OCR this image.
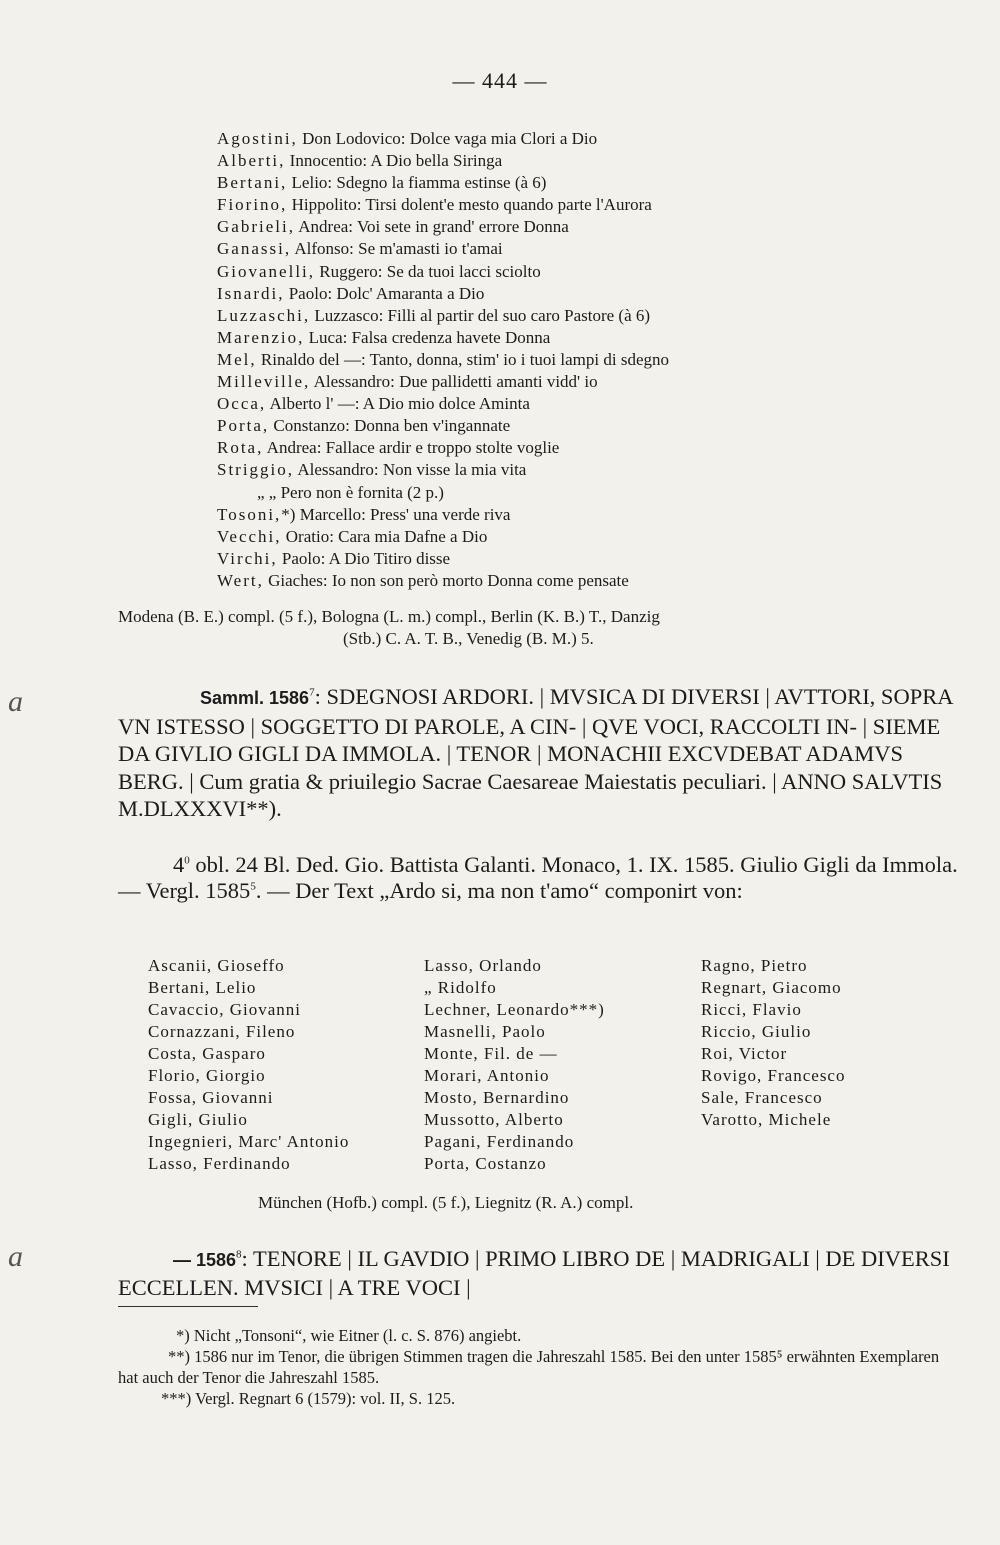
— 444 —
Agostini, Don Lodovico: Dolce vaga mia Clori a Dio
Alberti, Innocentio: A Dio bella Siringa
Bertani, Lelio: Sdegno la fiamma estinse (à 6)
Fiorino, Hippolito: Tirsi dolent'e mesto quando parte l'Aurora
Gabrieli, Andrea: Voi sete in grand' errore Donna
Ganassi, Alfonso: Se m'amasti io t'amai
Giovanelli, Ruggero: Se da tuoi lacci sciolto
Isnardi, Paolo: Dolc' Amaranta a Dio
Luzzaschi, Luzzasco: Filli al partir del suo caro Pastore (à 6)
Marenzio, Luca: Falsa credenza havete Donna
Mel, Rinaldo del —: Tanto, donna, stim' io i tuoi lampi di sdegno
Milleville, Alessandro: Due pallidetti amanti vidd' io
Occa, Alberto l' —: A Dio mio dolce Aminta
Porta, Constanzo: Donna ben v'ingannate
Rota, Andrea: Fallace ardir e troppo stolte voglie
Striggio, Alessandro: Non visse la mia vita
„ „ Pero non è fornita (2 p.)
Tosoni,*) Marcello: Press' una verde riva
Vecchi, Oratio: Cara mia Dafne a Dio
Virchi, Paolo: A Dio Titiro disse
Wert, Giaches: Io non son però morto Donna come pensate
Modena (B. E.) compl. (5 f.), Bologna (L. m.) compl., Berlin (K. B.) T., Danzig
(Stb.) C. A. T. B., Venedig (B. M.) 5.
a	Samml. 1586$^7$: SDEGNOSI ARDORI. | MVSICA DI DIVERSI | AVTTORI, SOPRA VN ISTESSO | SOGGETTO DI PAROLE, A CIN- | QVE VOCI, RACCOLTI IN- | SIEME DA GIVLIO GIGLI DA IMMOLA. | TENOR | MONACHII EXCVDEBAT ADAMVS BERG. | Cum gratia & priuilegio Sacrae Caesareae Maiestatis peculiari. | ANNO SALVTIS M.DLXXXVI**).
$4^0$ obl. 24 Bl. Ded. Gio. Battista Galanti. Monaco, 1. IX. 1585. Giulio Gigli da Immola. — Vergl. 1585$^5$. — Der Text „Ardo si, ma non t'amo“ componirt von:
Ascanii, Gioseffo
Bertani, Lelio
Cavaccio, Giovanni
Cornazzani, Fileno
Costa, Gasparo
Florio, Giorgio
Fossa, Giovanni
Gigli, Giulio
Ingegnieri, Marc' Antonio
Lasso, Ferdinando
Lasso, Orlando
„ Ridolfo
Lechner, Leonardo***)
Masnelli, Paolo
Monte, Fil. de —
Morari, Antonio
Mosto, Bernardino
Mussotto, Alberto
Pagani, Ferdinando
Porta, Costanzo
Ragno, Pietro
Regnart, Giacomo
Ricci, Flavio
Riccio, Giulio
Roi, Victor
Rovigo, Francesco
Sale, Francesco
Varotto, Michele
München (Hofb.) compl. (5 f.), Liegnitz (R. A.) compl.
a	— 1586$^8$: TENORE | IL GAVDIO | PRIMO LIBRO DE | MADRIGALI | DE DIVERSI ECCELLEN. MVSICI | A TRE VOCI |
*) Nicht „Tonsoni“, wie Eitner (l. c. S. 876) angiebt.
**) 1586 nur im Tenor, die übrigen Stimmen tragen die Jahreszahl 1585. Bei den unter 1585⁵ erwähnten Exemplaren hat auch der Tenor die Jahreszahl 1585.
***) Vergl. Regnart 6 (1579): vol. II, S. 125.
